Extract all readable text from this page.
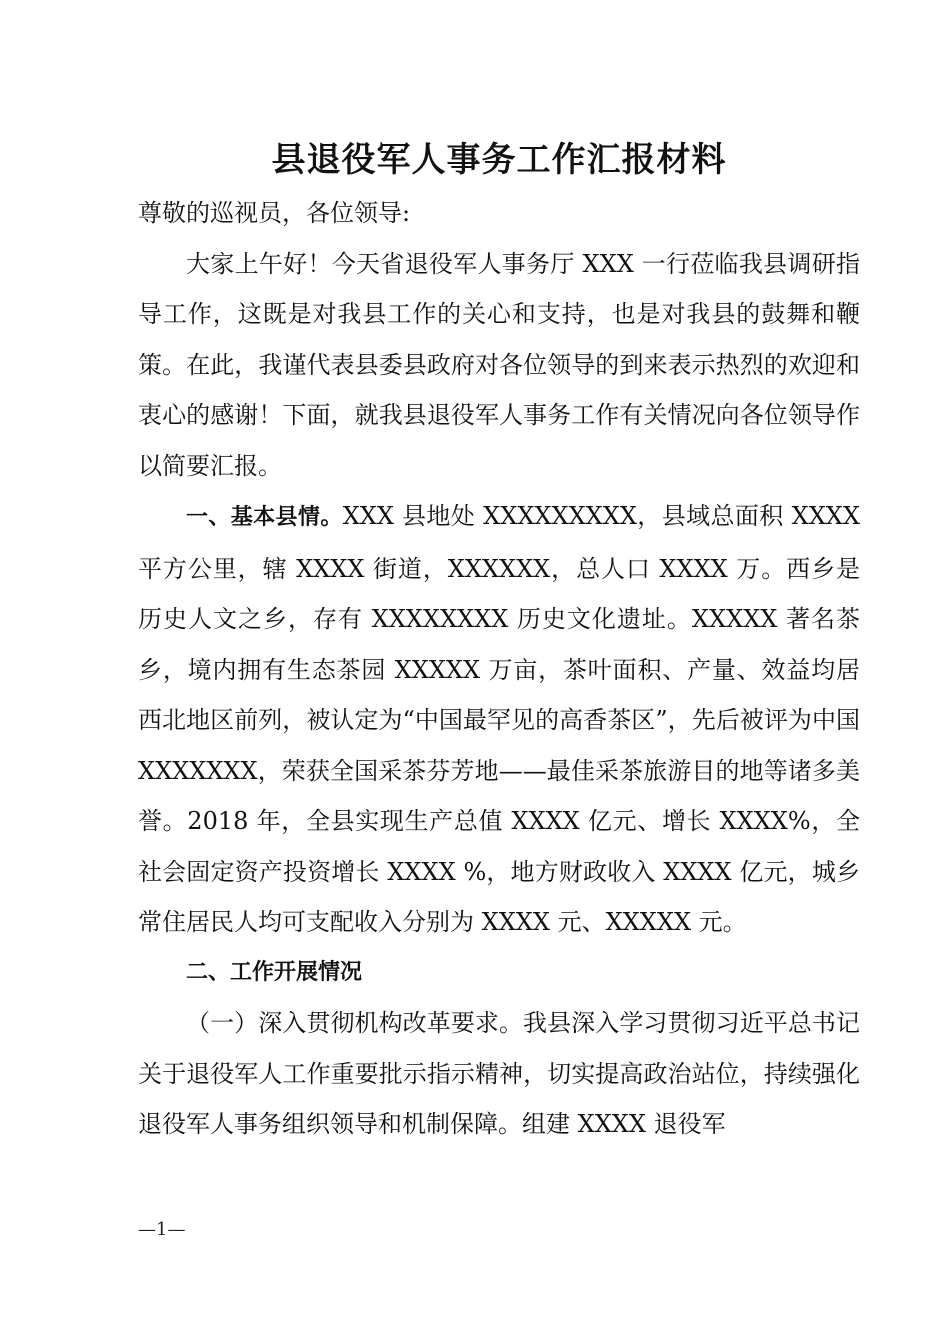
县退役军人事务工作汇报材料

尊敬的巡视员，各位领导:

大家上午好！今天省退役军人事务厅 XXX 一行莅临我县调研指导工作，这既是对我县工作的关心和支持，也是对我县的鼓舞和鞭策。在此，我谨代表县委县政府对各位领导的到来表示热烈的欢迎和衷心的感谢！下面，就我县退役军人事务工作有关情况向各位领导作以简要汇报。

一、基本县情。XXX 县地处 XXXXXXXXX，县域总面积 XXXX 平方公里，辖 XXXX 街道，XXXXXX，总人口 XXXX 万。西乡是历史人文之乡，存有 XXXXXXXX 历史文化遗址。XXXXX 著名茶乡，境内拥有生态茶园 XXXXX 万亩，茶叶面积、产量、效益均居西北地区前列，被认定为“中国最罕见的高香茶区”，先后被评为中国 XXXXXXX，荣获全国采茶芬芳地——最佳采茶旅游目的地等诸多美誉。2018 年，全县实现生产总值 XXXX 亿元、增长 XXXX%，全社会固定资产投资增长 XXXX %，地方财政收入 XXXX 亿元，城乡常住居民人均可支配收入分别为 XXXX 元、XXXXX 元。

二、工作开展情况

（一）深入贯彻机构改革要求。我县深入学习贯彻习近平总书记关于退役军人工作重要批示指示精神，切实提高政治站位，持续强化退役军人事务组织领导和机制保障。组建 XXXX 退役军

—1—
